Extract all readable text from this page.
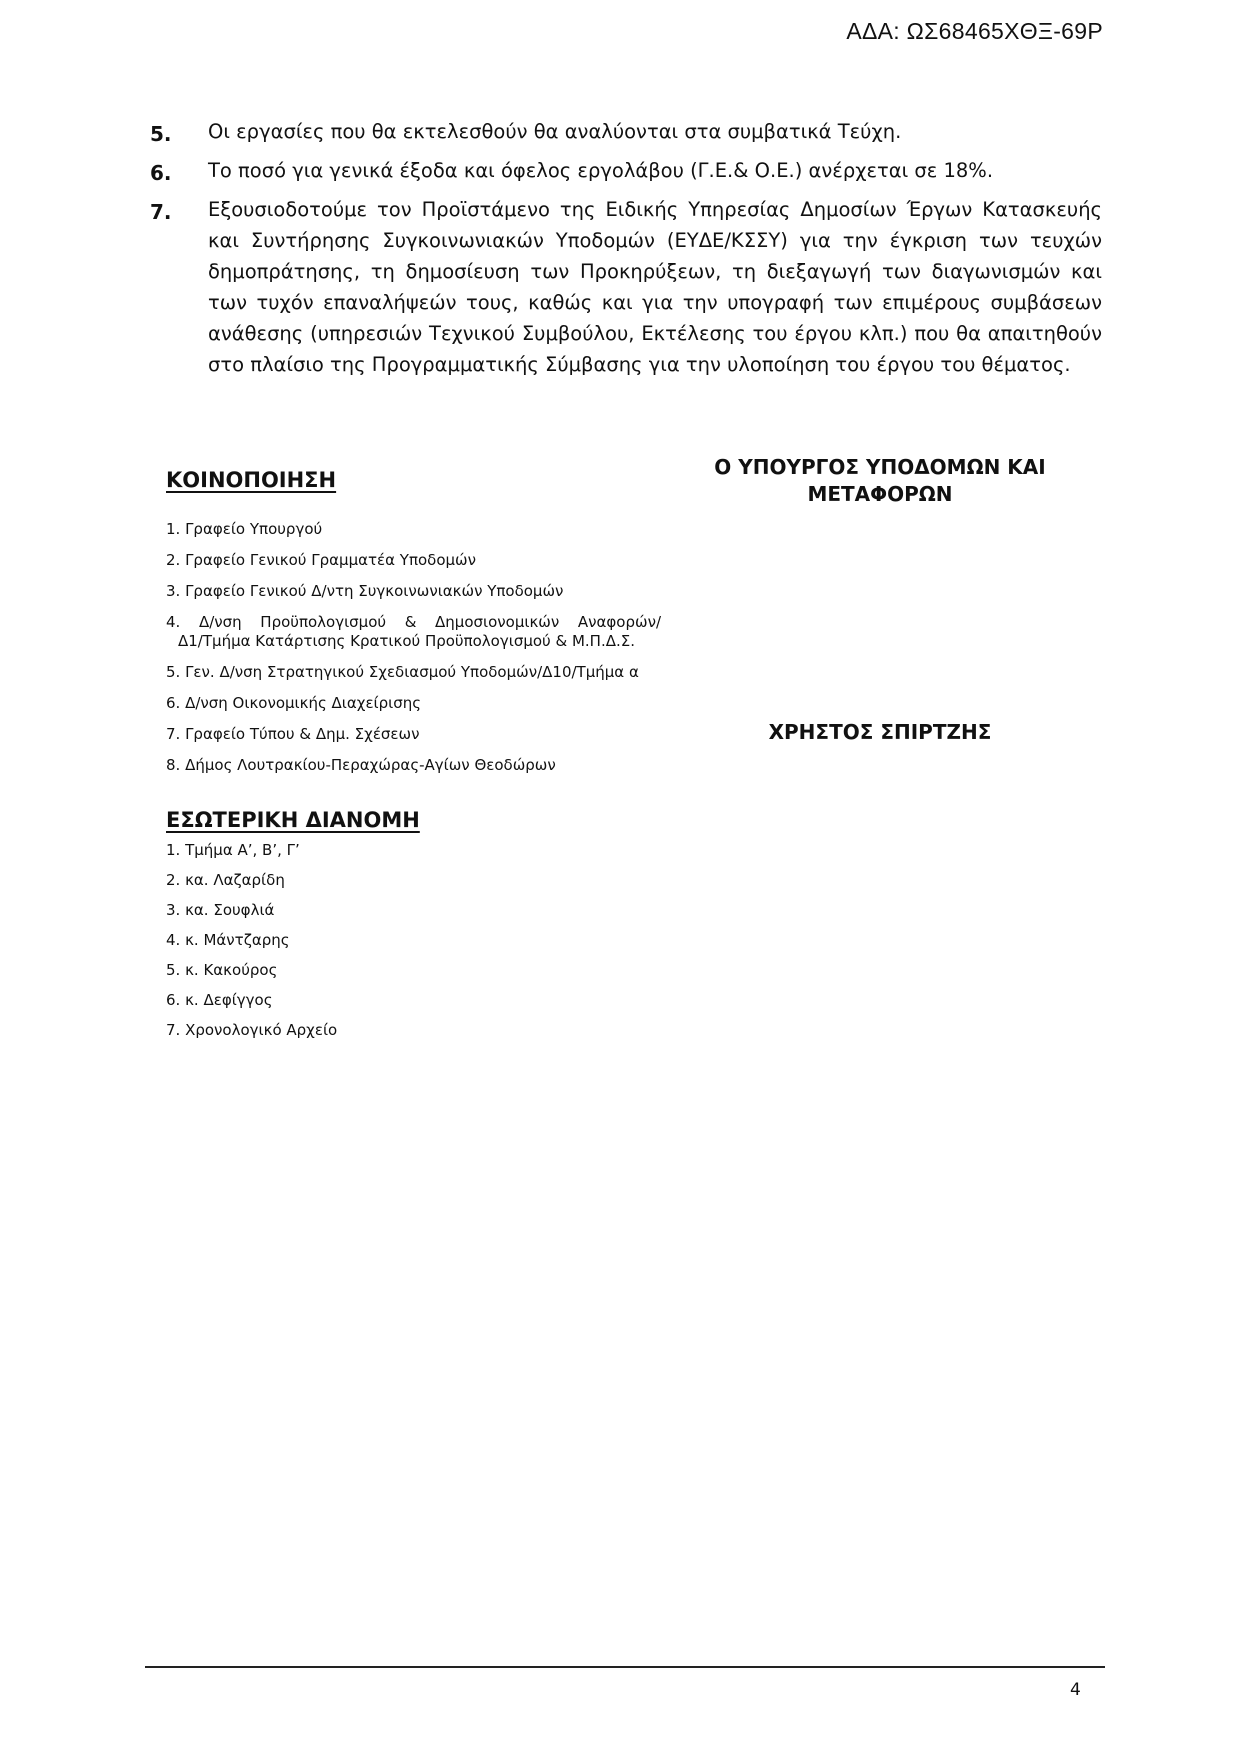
ΑΔΑ: ΩΣ68465ΧΘΞ-69Ρ
5.	Οι εργασίες που θα εκτελεσθούν θα αναλύονται στα συμβατικά Τεύχη.
6.	Το ποσό για γενικά έξοδα και όφελος εργολάβου (Γ.Ε.& Ο.Ε.) ανέρχεται σε 18%.
7.	Εξουσιοδοτούμε τον Προϊστάμενο της Ειδικής Υπηρεσίας Δημοσίων Έργων Κατασκευής και Συντήρησης Συγκοινωνιακών Υποδομών (ΕΥΔΕ/ΚΣΣΥ) για την έγκριση των τευχών δημοπράτησης, τη δημοσίευση των Προκηρύξεων, τη διεξαγωγή των διαγωνισμών και των τυχόν επαναλήψεών τους, καθώς και για την υπογραφή των επιμέρους συμβάσεων ανάθεσης (υπηρεσιών Τεχνικού Συμβούλου, Εκτέλεσης του έργου κλπ.) που θα απαιτηθούν στο πλαίσιο της Προγραμματικής Σύμβασης για την υλοποίηση του έργου του θέματος.
ΚΟΙΝΟΠΟΙΗΣΗ
1. Γραφείο Υπουργού
2. Γραφείο Γενικού Γραμματέα Υποδομών
3. Γραφείο Γενικού Δ/ντη Συγκοινωνιακών Υποδομών
4. Δ/νση Προϋπολογισμού & Δημοσιονομικών Αναφορών/
Δ1/Τμήμα Κατάρτισης Κρατικού Προϋπολογισμού & Μ.Π.Δ.Σ.
5. Γεν. Δ/νση Στρατηγικού Σχεδιασμού Υποδομών/Δ10/Τμήμα α
6. Δ/νση Οικονομικής Διαχείρισης
7. Γραφείο Τύπου & Δημ. Σχέσεων
8. Δήμος Λουτρακίου-Περαχώρας-Αγίων Θεοδώρων
Ο ΥΠΟΥΡΓΟΣ ΥΠΟΔΟΜΩΝ ΚΑΙ
ΜΕΤΑΦΟΡΩΝ
ΧΡΗΣΤΟΣ ΣΠΙΡΤΖΗΣ
ΕΣΩΤΕΡΙΚΗ ΔΙΑΝΟΜΗ
1. Τμήμα Α’, Β’, Γ’
2. κα. Λαζαρίδη
3. κα. Σουφλιά
4. κ. Μάντζαρης
5. κ. Κακούρος
6. κ. Δεφίγγος
7. Χρονολογικό Αρχείο
4
